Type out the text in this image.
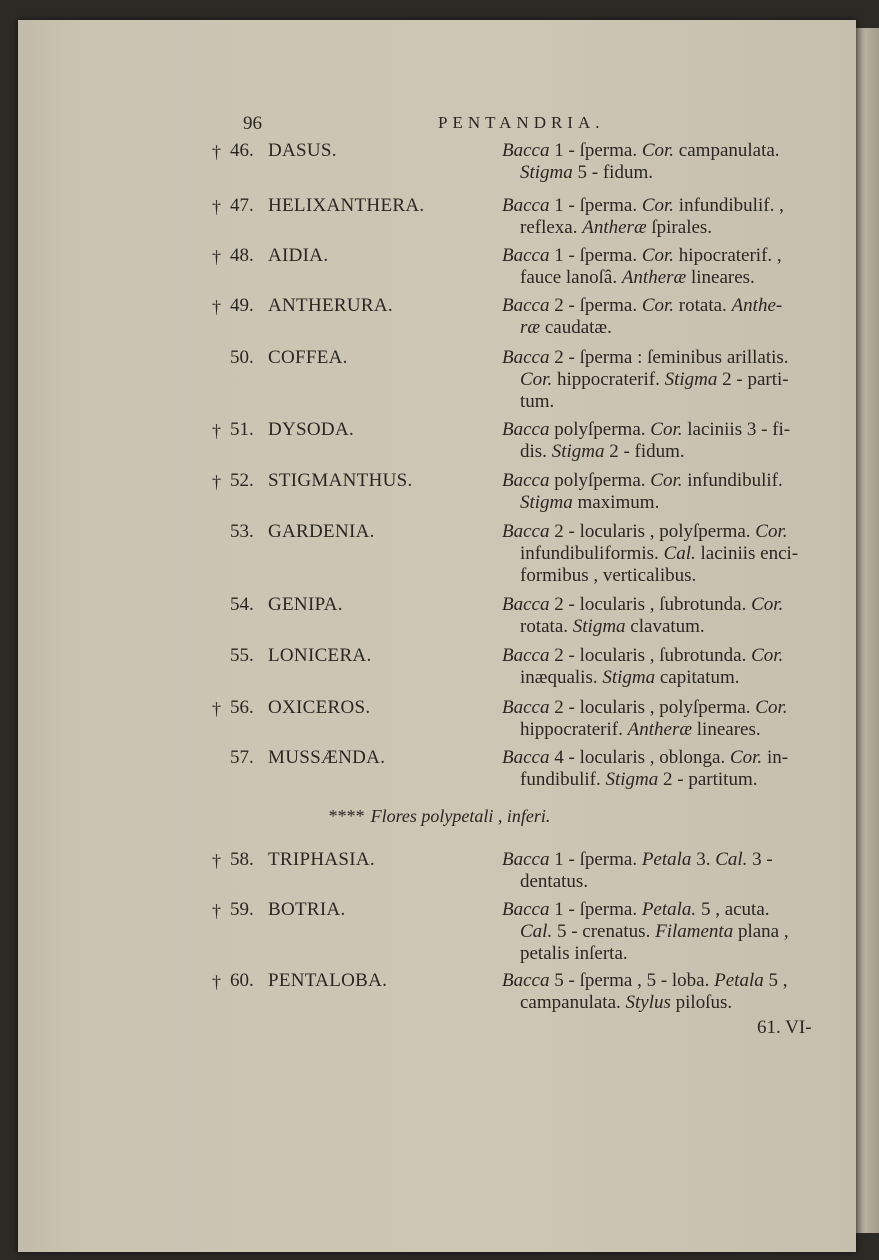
96	PENTANDRIA.
† 46. DASUS.	Bacca 1 - ſperma. Cor. campanulata.
Stigma 5 - fidum.
† 47. HELIXANTHERA.	Bacca 1 - ſperma. Cor. infundibulif. ,
reflexa. Antheræ ſpirales.
† 48. AIDIA.	Bacca 1 - ſperma. Cor. hipocraterif. ,
fauce lanoſâ. Antheræ lineares.
† 49. ANTHERURA.	Bacca 2 - ſperma. Cor. rotata. Anthe-
ræ caudatæ.
50. COFFEA.	Bacca 2 - ſperma : ſeminibus arillatis.
Cor. hippocraterif. Stigma 2 - parti-
tum.
† 51. DYSODA.	Bacca polyſperma. Cor. laciniis 3 - fi-
dis. Stigma 2 - fidum.
† 52. STIGMANTHUS.	Bacca polyſperma. Cor. infundibulif.
Stigma maximum.
53. GARDENIA.	Bacca 2 - locularis , polyſperma. Cor.
infundibuliformis. Cal. laciniis enci-
formibus , verticalibus.
54. GENIPA.	Bacca 2 - locularis , ſubrotunda. Cor.
rotata. Stigma clavatum.
55. LONICERA.	Bacca 2 - locularis , ſubrotunda. Cor.
inæqualis. Stigma capitatum.
† 56. OXICEROS.	Bacca 2 - locularis , polyſperma. Cor.
hippocraterif. Antheræ lineares.
57. MUSSÆNDA.	Bacca 4 - locularis , oblonga. Cor. in-
fundibulif. Stigma 2 - partitum.
† 58. TRIPHASIA.	Bacca 1 - ſperma. Petala 3. Cal. 3 -
dentatus.
† 59. BOTRIA.	Bacca 1 - ſperma. Petala. 5 , acuta.
Cal. 5 - crenatus. Filamenta plana ,
petalis inſerta.
† 60. PENTALOBA.	Bacca 5 - ſperma , 5 - loba. Petala 5 ,
campanulata. Stylus piloſus.
**** Flores polypetali , inferi.
61. VI-
